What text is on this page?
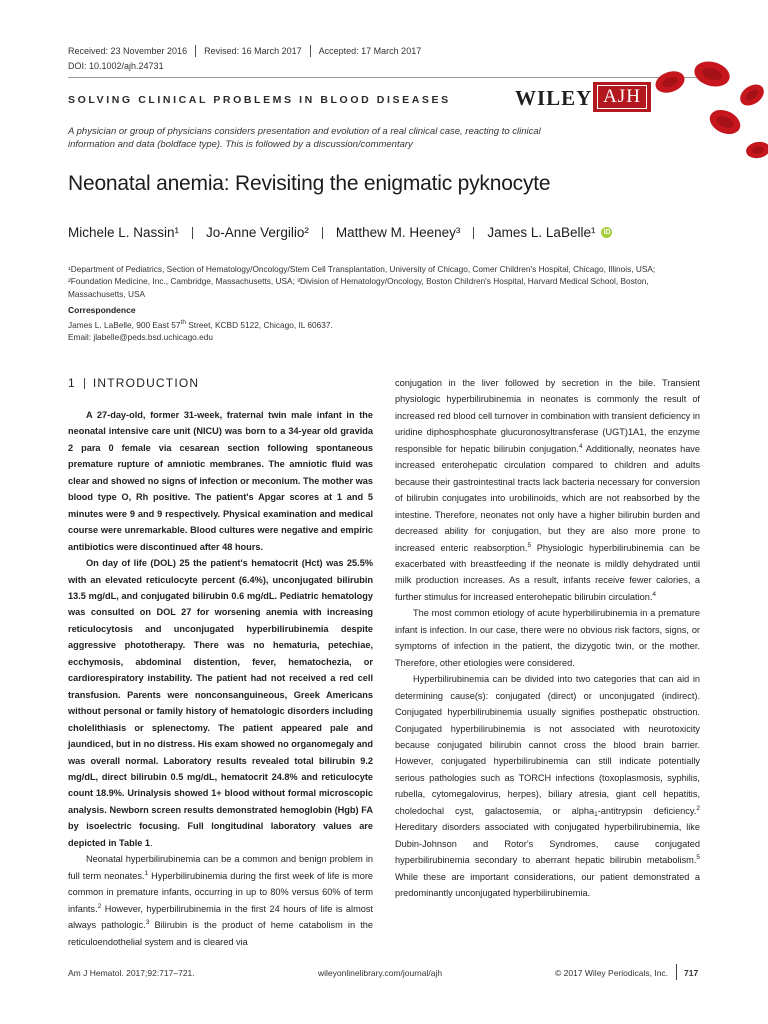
Received: 23 November 2016 Revised: 16 March 2017 Accepted: 17 March 2017
DOI: 10.1002/ajh.24731
SOLVING CLINICAL PROBLEMS IN BLOOD DISEASES	WILEY AJH
A physician or group of physicians considers presentation and evolution of a real clinical case, reacting to clinical information and data (boldface type). This is followed by a discussion/commentary
Neonatal anemia: Revisiting the enigmatic pyknocyte
Michele L. Nassin¹ Jo-Anne Vergilio² Matthew M. Heeney³ James L. LaBelle¹ iD
¹Department of Pediatrics, Section of Hematology/Oncology/Stem Cell Transplantation, University of Chicago, Comer Children's Hospital, Chicago, Illinois, USA;
²Foundation Medicine, Inc., Cambridge, Massachusetts, USA; ³Division of Hematology/Oncology, Boston Children's Hospital, Harvard Medical School, Boston, Massachusetts, USA
Correspondence
James L. LaBelle, 900 East 57th Street, KCBD 5122, Chicago, IL 60637.
Email: jlabelle@peds.bsd.uchicago.edu
1 INTRODUCTION

A 27-day-old, former 31-week, fraternal twin male infant in the neonatal intensive care unit (NICU) was born to a 34-year old gravida 2 para 0 female via cesarean section following spontaneous premature rupture of amniotic membranes. The amniotic fluid was clear and showed no signs of infection or meconium. The mother was blood type O, Rh positive. The patient's Apgar scores at 1 and 5 minutes were 9 and 9 respectively. Physical examination and medical course were unremarkable. Blood cultures were negative and empiric antibiotics were discontinued after 48 hours.

On day of life (DOL) 25 the patient's hematocrit (Hct) was 25.5% with an elevated reticulocyte percent (6.4%), unconjugated bilirubin 13.5 mg/dL, and conjugated bilirubin 0.6 mg/dL. Pediatric hematology was consulted on DOL 27 for worsening anemia with increasing reticulocytosis and unconjugated hyperbilirubinemia despite aggressive phototherapy. There was no hematuria, petechiae, ecchymosis, abdominal distention, fever, hematochezia, or cardiorespiratory instability. The patient had not received a red cell transfusion. Parents were nonconsanguineous, Greek Americans without personal or family history of hematologic disorders including cholelithiasis or splenectomy. The patient appeared pale and jaundiced, but in no distress. His exam showed no organomegaly and was overall normal. Laboratory results revealed total bilirubin 9.2 mg/dL, direct bilirubin 0.5 mg/dL, hematocrit 24.8% and reticulocyte count 18.9%. Urinalysis showed 1+ blood without formal microscopic analysis. Newborn screen results demonstrated hemoglobin (Hgb) FA by isoelectric focusing. Full longitudinal laboratory values are depicted in Table 1.

Neonatal hyperbilirubinemia can be a common and benign problem in full term neonates.$^1$ Hyperbilirubinemia during the first week of life is more common in premature infants, occurring in up to 80% versus 60% of term infants.$^2$ However, hyperbilirubinemia in the first 24 hours of life is almost always pathologic.$^3$ Bilirubin is the product of heme catabolism in the reticuloendothelial system and is cleared via

conjugation in the liver followed by secretion in the bile. Transient physiologic hyperbilirubinemia in neonates is commonly the result of increased red blood cell turnover in combination with transient deficiency in uridine diphosphosphate glucuronosyltransferase (UGT)1A1, the enzyme responsible for hepatic bilirubin conjugation.$^4$ Additionally, neonates have increased enterohepatic circulation compared to children and adults because their gastrointestinal tracts lack bacteria necessary for conversion of bilirubin conjugates into urobilinoids, which are not reabsorbed by the intestine. Therefore, neonates not only have a higher bilirubin burden and decreased ability for conjugation, but they are also more prone to increased enteric reabsorption.$^5$ Physiologic hyperbilirubinemia can be exacerbated with breastfeeding if the neonate is mildly dehydrated until milk production increases. As a result, infants receive fewer calories, a further stimulus for increased enterohepatic bilirubin circulation.$^4$

The most common etiology of acute hyperbilirubinemia in a premature infant is infection. In our case, there were no obvious risk factors, signs, or symptoms of infection in the patient, the dizygotic twin, or the mother. Therefore, other etiologies were considered.

Hyperbilirubinemia can be divided into two categories that can aid in determining cause(s): conjugated (direct) or unconjugated (indirect). Conjugated hyperbilirubinemia usually signifies posthepatic obstruction. Conjugated hyperbilirubinemia is not associated with neurotoxicity because conjugated bilirubin cannot cross the blood brain barrier. However, conjugated hyperbilirubinemia can still indicate potentially serious pathologies such as TORCH infections (toxoplasmosis, syphilis, rubella, cytomegalovirus, herpes), biliary atresia, giant cell hepatitis, choledochal cyst, galactosemia, or alpha$_1$-antitrypsin deficiency.$^2$ Hereditary disorders associated with conjugated hyperbilirubinemia, like Dubin-Johnson and Rotor's Syndromes, cause conjugated hyperbilirubinemia secondary to aberrant hepatic bilirubin metabolism.$^5$ While these are important considerations, our patient demonstrated a predominantly unconjugated hyperbilirubinemia.

Am J Hematol. 2017;92:717–721.	wileyonlinelibrary.com/journal/ajh	© 2017 Wiley Periodicals, Inc. 717
